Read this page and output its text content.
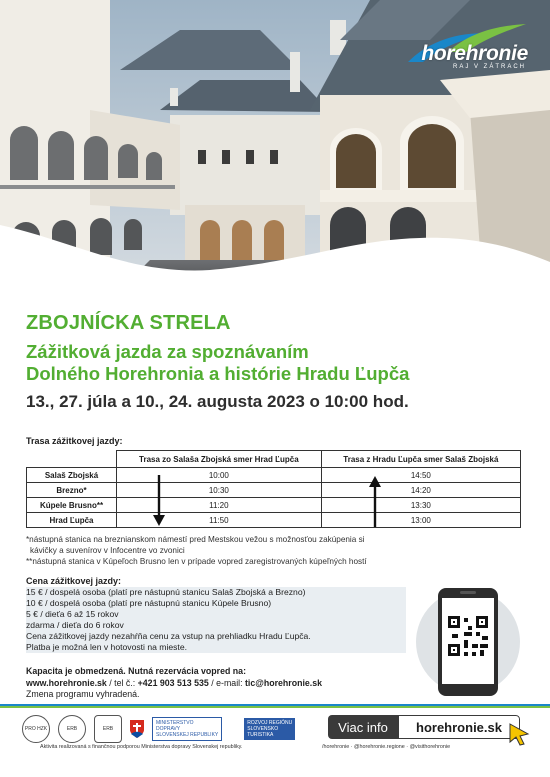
horehronie
RAJ V ZÁTRACH
ZBOJNÍCKA STRELA
Zážitková jazda za spoznávaním
Dolného Horehronia a histórie Hradu Ľupča
13., 27. júla a 10., 24. augusta 2023 o 10:00 hod.
Trasa zážitkovej jazdy:
	Trasa zo Salaša Zbojská smer Hrad Ľupča	Trasa z Hradu Ľupča smer Salaš Zbojská
Salaš Zbojská	10:00	14:50
Brezno*	10:30	14:20
Kúpele Brusno**	11:20	13:30
Hrad Ľupča	11:50	13:00
*nástupná stanica na breznianskom námestí pred Mestskou vežou s možnosťou zakúpenia si
kávičky a suvenírov v Infocentre vo zvonici
**nástupná stanica v Kúpeľoch Brusno len v prípade vopred zaregistrovaných kúpeľných hostí
Cena zážitkovej jazdy:
15 € / dospelá osoba (platí pre nástupnú stanicu Salaš Zbojská a Brezno)
10 € / dospelá osoba (platí pre nástupnú stanicu Kúpele Brusno)
5 € / dieťa 6 až 15 rokov
zdarma / dieťa do 6 rokov
Cena zážitkovej jazdy nezahŕňa cenu za vstup na prehliadku Hradu Ľupča.
Platba je možná len v hotovosti na mieste.
Kapacita je obmedzená. Nutná rezervácia vopred na:
www.horehronie.sk / tel č.: +421 903 513 535 / e-mail: tic@horehronie.sk
Zmena programu vyhradená.
PRO HZK	ERB	ERB
MINISTERSTVO
DOPRAVY
SLOVENSKEJ REPUBLIKY
ROZVOJ REGIÓNU
SLOVENSKO
TURISTIKA
Viac info	horehronie.sk
Aktivita realizovaná s finančnou podporou Ministerstva dopravy Slovenskej republiky.	/horehronie · @horehronie.regione · @visithorehronie
